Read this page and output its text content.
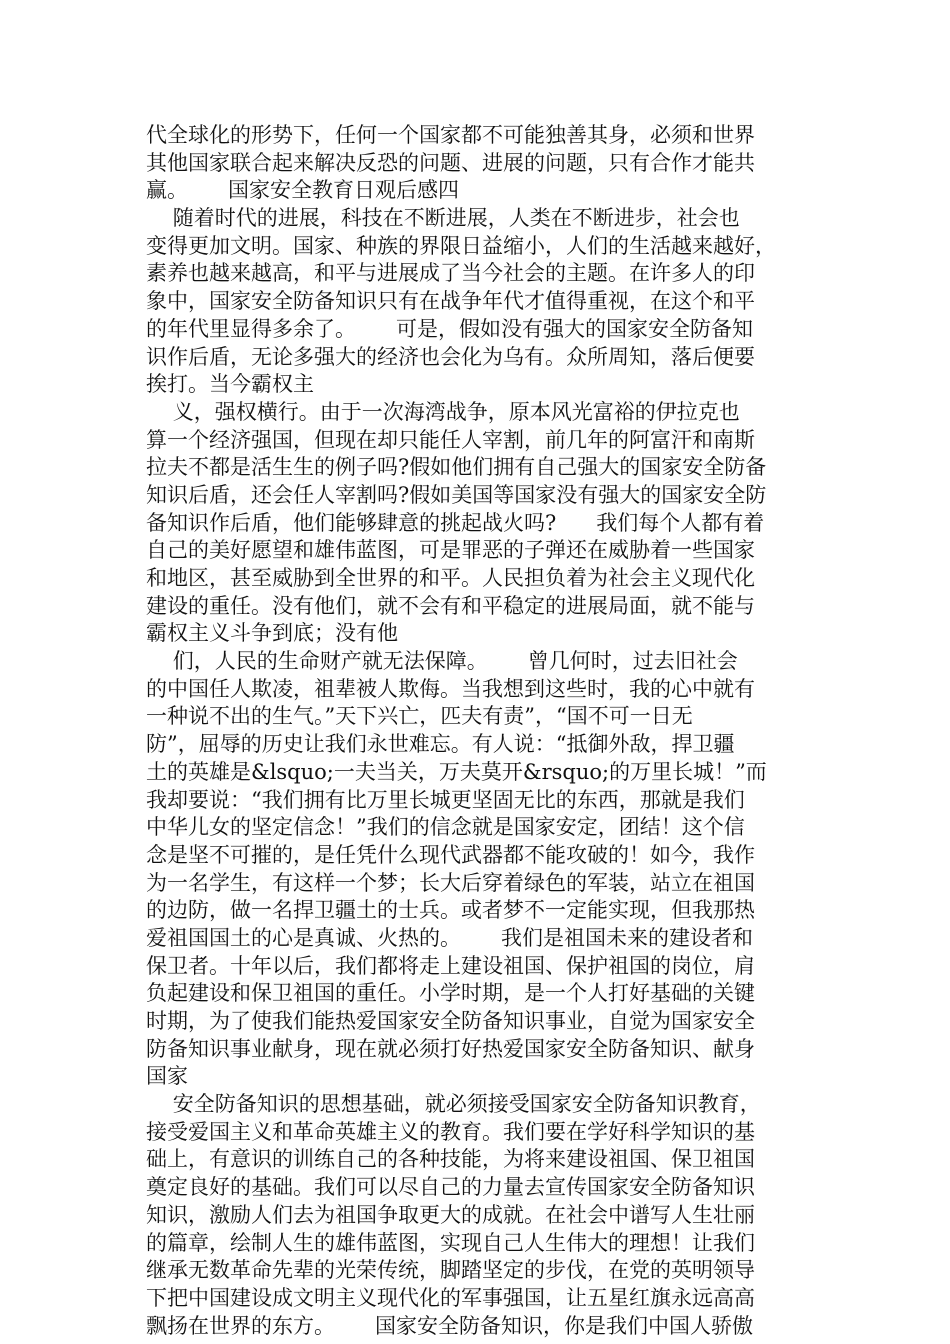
代全球化的形势下，任何一个国家都不可能独善其身，必须和世界
其他国家联合起来解决反恐的问题、进展的问题，只有合作才能共
赢。      国家安全教育日观后感四
随着时代的进展，科技在不断进展，人类在不断进步，社会也
变得更加文明。国家、种族的界限日益缩小，人们的生活越来越好，
素养也越来越高，和平与进展成了当今社会的主题。在许多人的印
象中，国家安全防备知识只有在战争年代才值得重视，在这个和平
的年代里显得多余了。      可是，假如没有强大的国家安全防备知
识作后盾，无论多强大的经济也会化为乌有。众所周知，落后便要
挨打。当今霸权主
义，强权横行。由于一次海湾战争，原本风光富裕的伊拉克也
算一个经济强国，但现在却只能任人宰割，前几年的阿富汗和南斯
拉夫不都是活生生的例子吗?假如他们拥有自己强大的国家安全防备
知识后盾，还会任人宰割吗?假如美国等国家没有强大的国家安全防
备知识作后盾，他们能够肆意的挑起战火吗?      我们每个人都有着
自己的美好愿望和雄伟蓝图，可是罪恶的子弹还在威胁着一些国家
和地区，甚至威胁到全世界的和平。人民担负着为社会主义现代化
建设的重任。没有他们，就不会有和平稳定的进展局面，就不能与
霸权主义斗争到底；没有他
们，人民的生命财产就无法保障。      曾几何时，过去旧社会
的中国任人欺凌，祖辈被人欺侮。当我想到这些时，我的心中就有
一种说不出的生气。”天下兴亡，匹夫有责”，“国不可一日无
防”，屈辱的历史让我们永世难忘。有人说：“抵御外敌，捍卫疆
土的英雄是&lsquo;一夫当关，万夫莫开&rsquo;的万里长城！”而
我却要说：“我们拥有比万里长城更坚固无比的东西，那就是我们
中华儿女的坚定信念！”我们的信念就是国家安定，团结！这个信
念是坚不可摧的，是任凭什么现代武器都不能攻破的！如今，我作
为一名学生，有这样一个梦；长大后穿着绿色的军装，站立在祖国
的边防，做一名捍卫疆土的士兵。或者梦不一定能实现，但我那热
爱祖国国土的心是真诚、火热的。      我们是祖国未来的建设者和
保卫者。十年以后，我们都将走上建设祖国、保护祖国的岗位，肩
负起建设和保卫祖国的重任。小学时期，是一个人打好基础的关键
时期，为了使我们能热爱国家安全防备知识事业，自觉为国家安全
防备知识事业献身，现在就必须打好热爱国家安全防备知识、献身
国家
安全防备知识的思想基础，就必须接受国家安全防备知识教育，
接受爱国主义和革命英雄主义的教育。我们要在学好科学知识的基
础上，有意识的训练自己的各种技能，为将来建设祖国、保卫祖国
奠定良好的基础。我们可以尽自己的力量去宣传国家安全防备知识
知识，激励人们去为祖国争取更大的成就。在社会中谱写人生壮丽
的篇章，绘制人生的雄伟蓝图，实现自己人生伟大的理想！让我们
继承无数革命先辈的光荣传统，脚踏坚定的步伐，在党的英明领导
下把中国建设成文明主义现代化的军事强国，让五星红旗永远高高
飘扬在世界的东方。      国家安全防备知识，你是我们中国人骄傲
